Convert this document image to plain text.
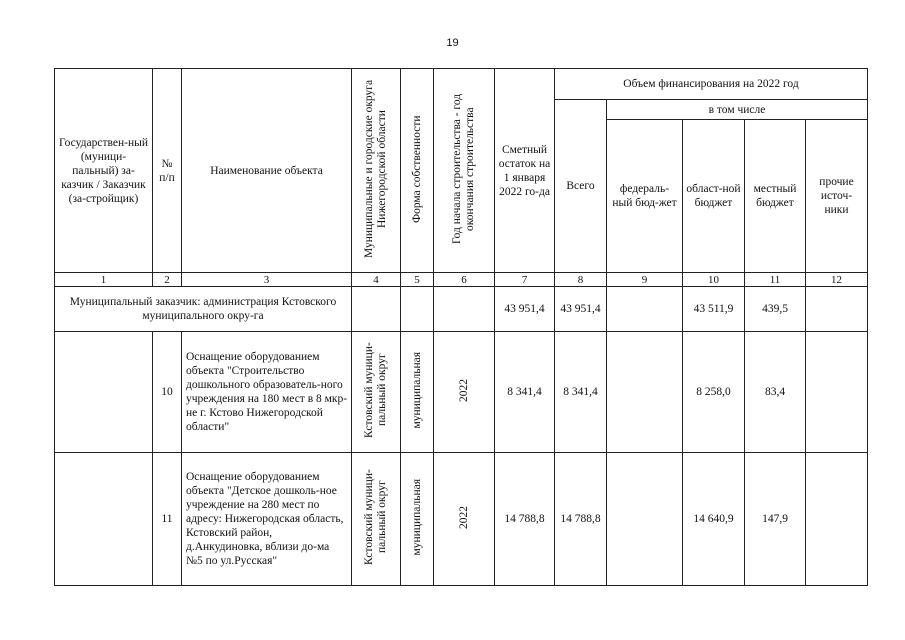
19
Государствен-ный (муници-пальный) за-казчик / Заказчик (за-стройщик)	№ п/п	Наименование объекта	Муниципальные и городские округа Нижегородской области	Форма собственности	Год начала строительства - год окончания строительства	Сметный остаток на 1 января 2022 го-да	Объем финансирования на 2022 год				
							Всего	в том числе			
								федераль-ный бюд-жет	област-ной бюджет	местный бюджет	прочие источ-ники
1	2	3	4	5	6	7	8	9	10	11	12
Муниципальный заказчик: администрация Кстовского муниципального окру-га						43 951,4	43 951,4		43 511,9	439,5	
	10	Оснащение оборудованием объекта "Строительство дошкольного образователь-ного учреждения на 180 мест в 8 мкр-не г. Кстово Нижегородской области"	Кстовский муници-пальный округ	муниципальная	2022	8 341,4	8 341,4		8 258,0	83,4	
	11	Оснащение оборудованием объекта "Детское дошколь-ное учреждение на 280 мест по адресу: Нижегородская область, Кстовский район, д.Анкудиновка, вблизи до-ма №5 по ул.Русская"	Кстовский муници-пальный округ	муниципальная	2022	14 788,8	14 788,8		14 640,9	147,9	
